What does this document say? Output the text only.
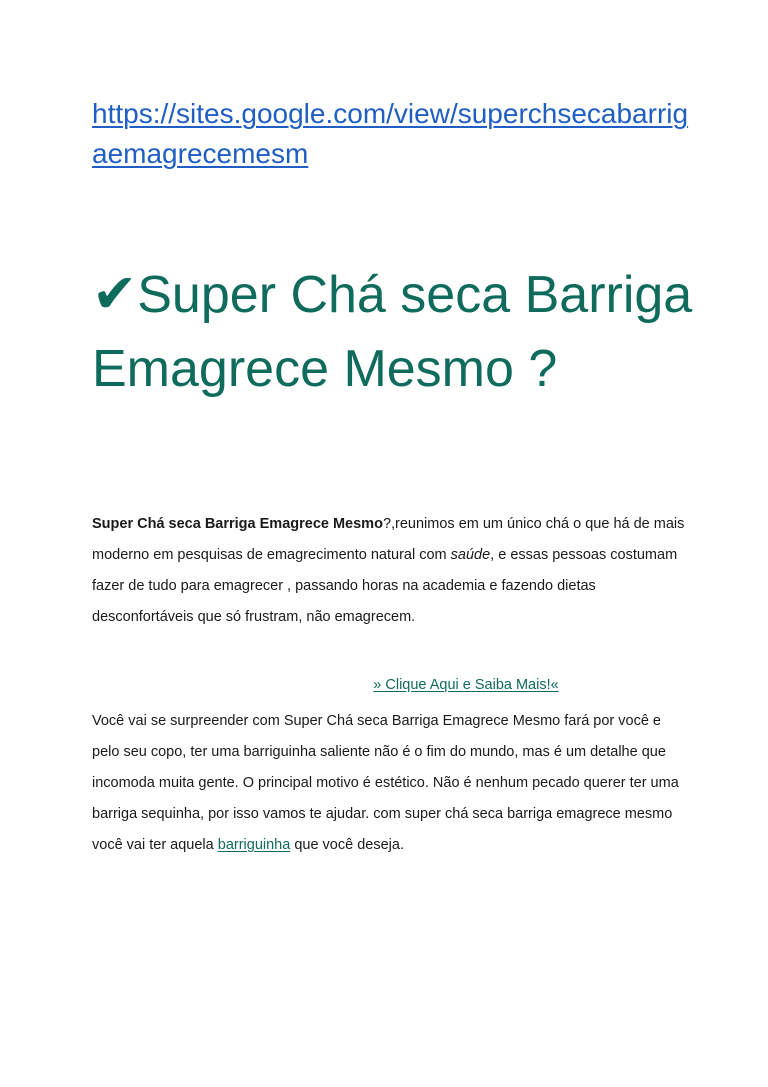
https://sites.google.com/view/superchsecabarrigaemagrecemesm
✔Super Chá seca Barriga Emagrece Mesmo ?

Super Chá seca Barriga Emagrece Mesmo?,reunimos em um único chá o que há de mais moderno em pesquisas de emagrecimento natural com saúde, e essas pessoas costumam fazer de tudo para emagrecer , passando horas na academia e fazendo dietas desconfortáveis que só frustram, não emagrecem.

» Clique Aqui e Saiba Mais!«

Você vai se surpreender com Super Chá seca Barriga Emagrece Mesmo fará por você e pelo seu copo, ter uma barriguinha saliente não é o fim do mundo, mas é um detalhe que incomoda muita gente. O principal motivo é estético. Não é nenhum pecado querer ter uma barriga sequinha, por isso vamos te ajudar. com super chá seca barriga emagrece mesmo você vai ter aquela barriguinha que você deseja.
